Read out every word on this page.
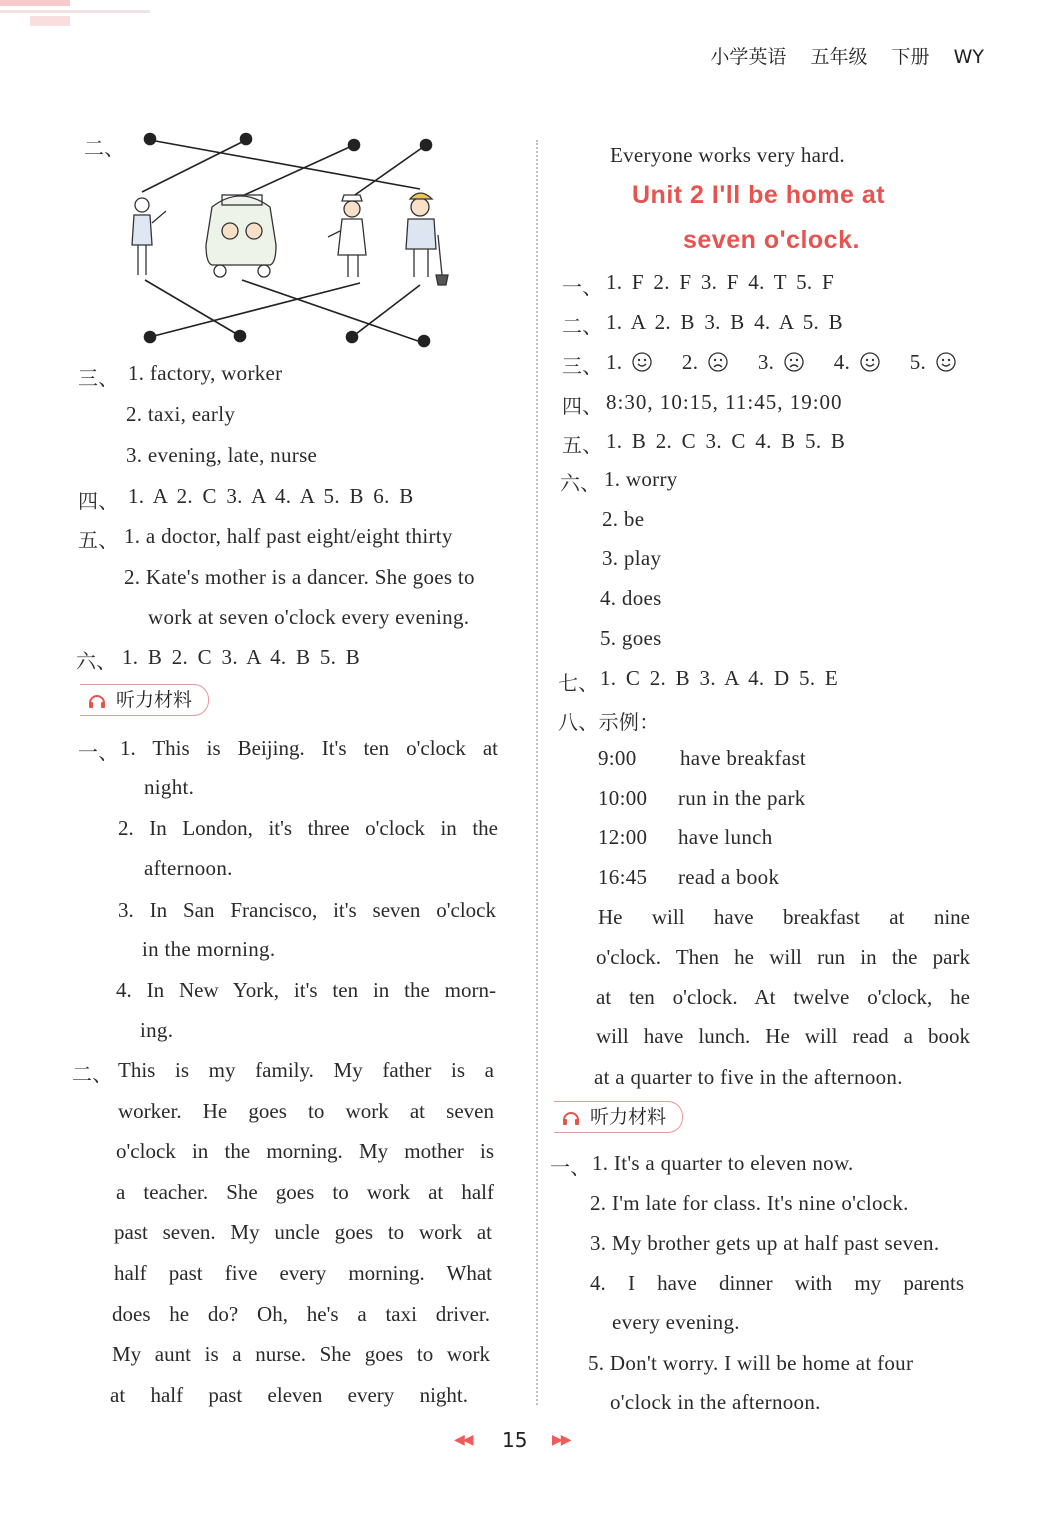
小学英语 五年级 下册 WY
二、
三、 1. factory, worker
2. taxi, early
3. evening, late, nurse
四、 1. A 2. C 3. A 4. A 5. B 6. B
五、 1. a doctor, half past eight/eight thirty
2. Kate's mother is a dancer. She goes to
work at seven o'clock every evening.
六、 1. B 2. C 3. A 4. B 5. B
听力材料
一、 1. This is Beijing. It's ten o'clock at
night.
2. In London, it's three o'clock in the
afternoon.
3. In San Francisco, it's seven o'clock
in the morning.
4. In New York, it's ten in the morn-
ing.
二、 This is my family. My father is a
worker. He goes to work at seven
o'clock in the morning. My mother is
a teacher. She goes to work at half
past seven. My uncle goes to work at
half past five every morning. What
does he do? Oh, he's a taxi driver.
My aunt is a nurse. She goes to work
at half past eleven every night.
Everyone works very hard.
Unit 2 I'll be home at
seven o'clock.
一、 1. F 2. F 3. F 4. T 5. F
二、 1. A 2. B 3. B 4. A 5. B
三、 1.	2.	3.	4.	5.
四、 8:30, 10:15, 11:45, 19:00
五、 1. B 2. C 3. C 4. B 5. B
六、 1. worry
2. be
3. play
4. does
5. goes
七、 1. C 2. B 3. A 4. D 5. E
八、示例：
9:00 have breakfast
10:00 run in the park
12:00 have lunch
16:45 read a book
He will have breakfast at nine
o'clock. Then he will run in the park
at ten o'clock. At twelve o'clock, he
will have lunch. He will read a book
at a quarter to five in the afternoon.
听力材料
一、 1. It's a quarter to eleven now.
2. I'm late for class. It's nine o'clock.
3. My brother gets up at half past seven.
4. I have dinner with my parents
every evening.
5. Don't worry. I will be home at four
o'clock in the afternoon.
◀◀ 15 ▶▶
